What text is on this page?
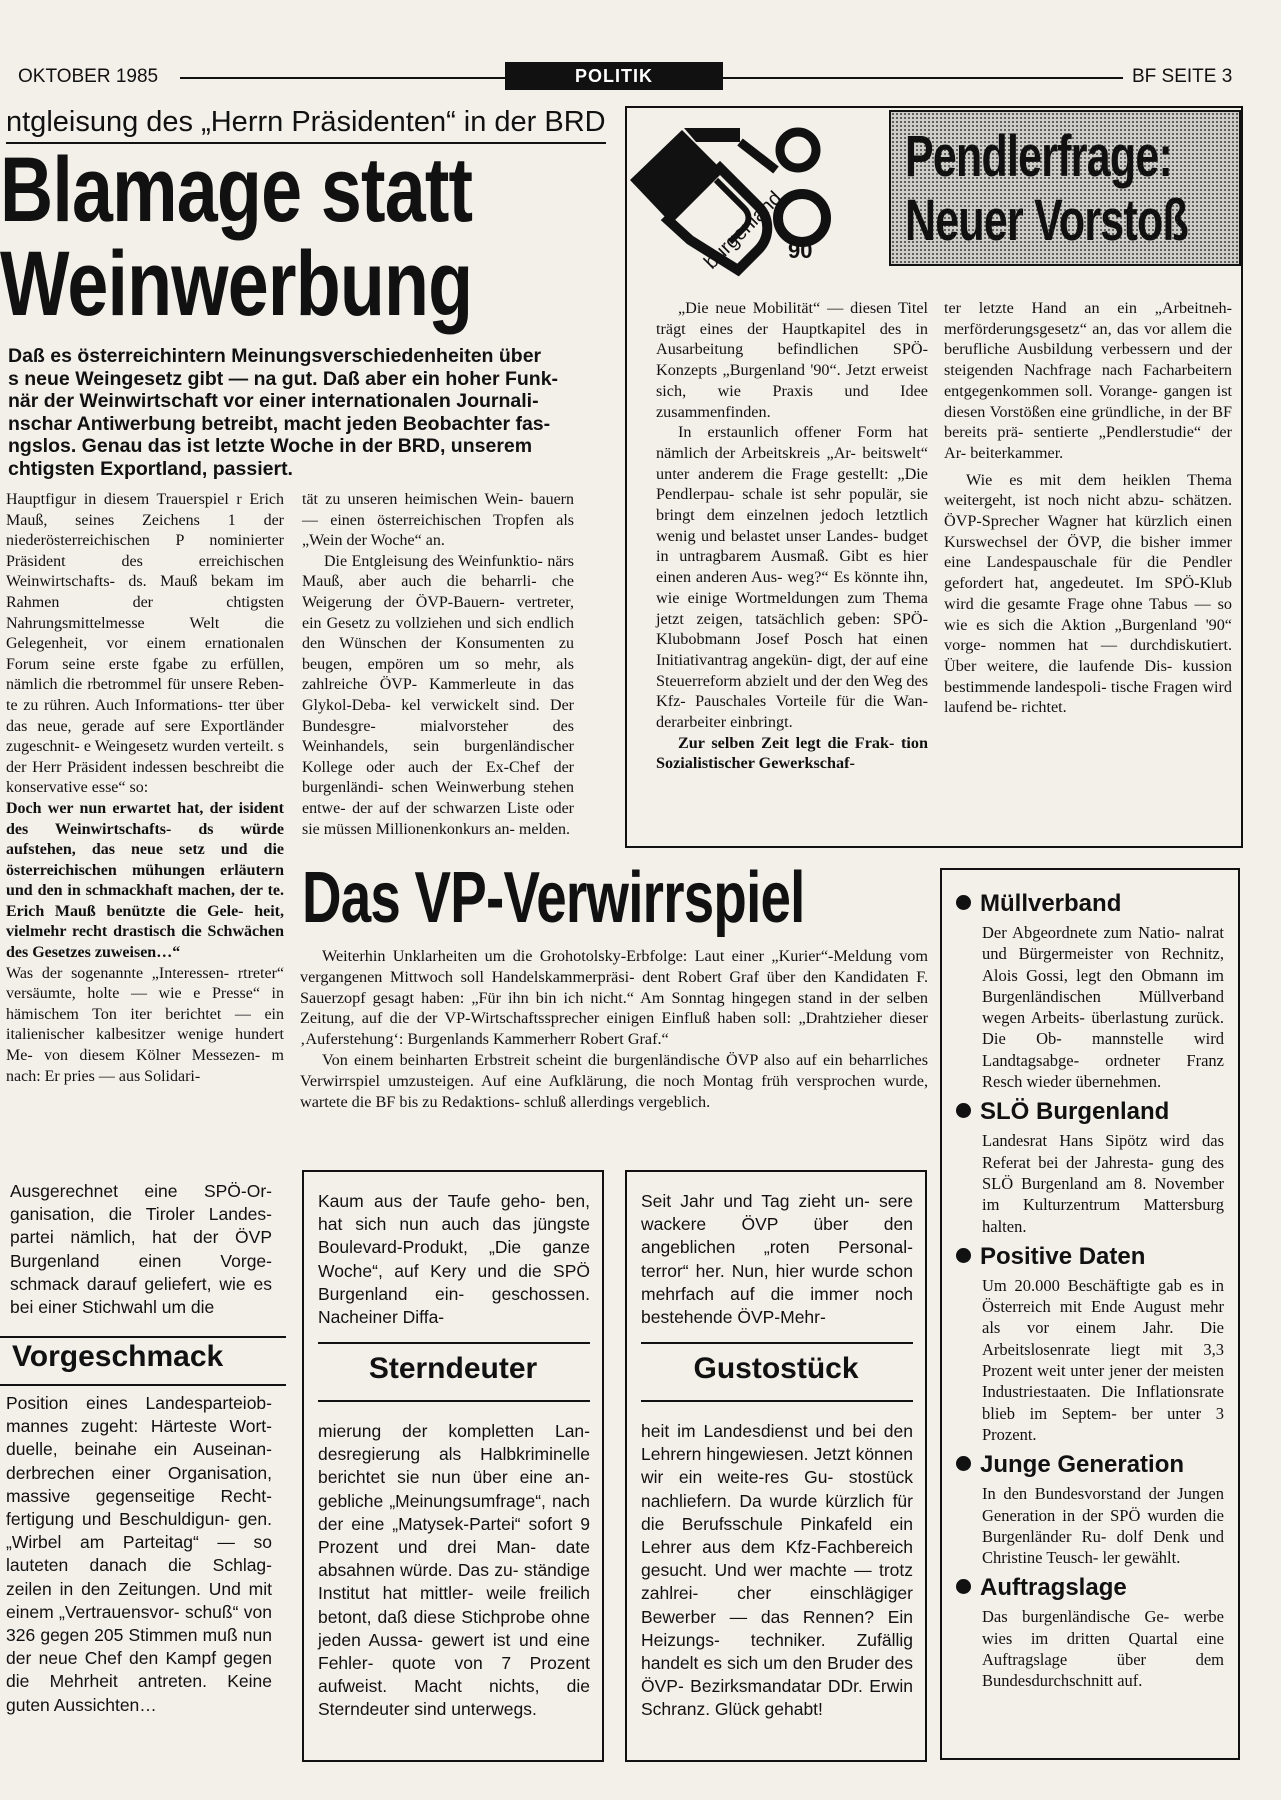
OKTOBER 1985	POLITIK	BF SEITE 3
ntgleisung des „Herrn Präsidenten“ in der BRD
Blamage statt
Weinwerbung
Daß es österreichintern Meinungsverschiedenheiten über
s neue Weingesetz gibt — na gut. Daß aber ein hoher Funk-
när der Weinwirtschaft vor einer internationalen Journali-
nschar Antiwerbung betreibt, macht jeden Beobachter fas-
ngslos. Genau das ist letzte Woche in der BRD, unserem
chtigsten Exportland, passiert.

Hauptfigur in diesem Trauerspiel r Erich Mauß, seines Zeichens 1 der niederösterreichischen P nominierter Präsident des erreichischen Weinwirtschafts- ds. Mauß bekam im Rahmen der chtigsten Nahrungsmittelmesse Welt die Gelegenheit, vor einem ernationalen Forum seine erste fgabe zu erfüllen, nämlich die rbetrommel für unsere Reben- te zu rühren. Auch Informations- tter über das neue, gerade auf sere Exportländer zugeschnit- e Weingesetz wurden verteilt. s der Herr Präsident indessen beschreibt die konservative esse“ so:

Doch wer nun erwartet hat, der isident des Weinwirtschafts- ds würde aufstehen, das neue setz und die österreichischen mühungen erläutern und den in schmackhaft machen, der te. Erich Mauß benützte die Gele- heit, vielmehr recht drastisch die Schwächen des Gesetzes zuweisen…“

Was der sogenannte „Interessen- rtreter“ versäumte, holte — wie e Presse“ in hämischem Ton iter berichtet — ein italienischer kalbesitzer wenige hundert Me- von diesem Kölner Messezen- m nach: Er pries — aus Solidari-

tät zu unseren heimischen Wein- bauern — einen österreichischen Tropfen als „Wein der Woche“ an.

Die Entgleisung des Weinfunktio- närs Mauß, aber auch die beharrli- che Weigerung der ÖVP-Bauern- vertreter, ein Gesetz zu vollziehen und sich endlich den Wünschen der Konsumenten zu beugen, empören um so mehr, als zahlreiche ÖVP- Kammerleute in das Glykol-Deba- kel verwickelt sind. Der Bundesgre- mialvorsteher des Weinhandels, sein burgenländischer Kollege oder auch der Ex-Chef der burgenländi- schen Weinwerbung stehen entwe- der auf der schwarzen Liste oder sie müssen Millionenkonkurs an- melden.

burgenland 90
Pendlerfrage:
Neuer Vorstoß

„Die neue Mobilität“ — diesen Titel trägt eines der Hauptkapitel des in Ausarbeitung befindlichen SPÖ-Konzepts „Burgenland '90“. Jetzt erweist sich, wie Praxis und Idee zusammenfinden.

In erstaunlich offener Form hat nämlich der Arbeitskreis „Ar- beitswelt“ unter anderem die Frage gestellt: „Die Pendlerpau- schale ist sehr populär, sie bringt dem einzelnen jedoch letztlich wenig und belastet unser Landes- budget in untragbarem Ausmaß. Gibt es hier einen anderen Aus- weg?“ Es könnte ihn, wie einige Wortmeldungen zum Thema jetzt zeigen, tatsächlich geben: SPÖ- Klubobmann Josef Posch hat einen Initiativantrag angekün- digt, der auf eine Steuerreform abzielt und der den Weg des Kfz- Pauschales Vorteile für die Wan- derarbeiter einbringt.

Zur selben Zeit legt die Frak- tion Sozialistischer Gewerkschaf-

ter letzte Hand an ein „Arbeitneh- merförderungsgesetz“ an, das vor allem die berufliche Ausbildung verbessern und der steigenden Nachfrage nach Facharbeitern entgegenkommen soll. Vorange- gangen ist diesen Vorstößen eine gründliche, in der BF bereits prä- sentierte „Pendlerstudie“ der Ar- beiterkammer.

Wie es mit dem heiklen Thema weitergeht, ist noch nicht abzu- schätzen. ÖVP-Sprecher Wagner hat kürzlich einen Kurswechsel der ÖVP, die bisher immer eine Landespauschale für die Pendler gefordert hat, angedeutet. Im SPÖ-Klub wird die gesamte Frage ohne Tabus — so wie es sich die Aktion „Burgenland '90“ vorge- nommen hat — durchdiskutiert. Über weitere, die laufende Dis- kussion bestimmende landespoli- tische Fragen wird laufend be- richtet.

Das VP-Verwirrspiel

Weiterhin Unklarheiten um die Grohotolsky-Erbfolge: Laut einer „Kurier“-Meldung vom vergangenen Mittwoch soll Handelskammerpräsi- dent Robert Graf über den Kandidaten F. Sauerzopf gesagt haben: „Für ihn bin ich nicht.“ Am Sonntag hingegen stand in der selben Zeitung, auf die der VP-Wirtschaftssprecher einigen Einfluß haben soll: „Drahtzieher dieser ‚Auferstehung‘: Burgenlands Kammerherr Robert Graf.“

Von einem beinharten Erbstreit scheint die burgenländische ÖVP also auf ein beharrliches Verwirrspiel umzusteigen. Auf eine Aufklärung, die noch Montag früh versprochen wurde, wartete die BF bis zu Redaktions- schluß allerdings vergeblich.

Müllverband
Der Abgeordnete zum Natio- nalrat und Bürgermeister von Rechnitz, Alois Gossi, legt den Obmann im Burgenländischen Müllverband wegen Arbeits- überlastung zurück. Die Ob- mannstelle wird Landtagsabge- ordneter Franz Resch wieder übernehmen.
SLÖ Burgenland
Landesrat Hans Sipötz wird das Referat bei der Jahresta- gung des SLÖ Burgenland am 8. November im Kulturzentrum Mattersburg halten.
Positive Daten
Um 20.000 Beschäftigte gab es in Österreich mit Ende August mehr als vor einem Jahr. Die Arbeitslosenrate liegt mit 3,3 Prozent weit unter jener der meisten Industriestaaten. Die Inflationsrate blieb im Septem- ber unter 3 Prozent.
Junge Generation
In den Bundesvorstand der Jungen Generation in der SPÖ wurden die Burgenländer Ru- dolf Denk und Christine Teusch- ler gewählt.
Auftragslage
Das burgenländische Ge- werbe wies im dritten Quartal eine Auftragslage über dem Bundesdurchschnitt auf.
Ausgerechnet eine SPÖ-Or- ganisation, die Tiroler Landes- partei nämlich, hat der ÖVP Burgenland einen Vorge- schmack darauf geliefert, wie es bei einer Stichwahl um die
Vorgeschmack
Position eines Landesparteiob- mannes zugeht: Härteste Wort- duelle, beinahe ein Auseinan- derbrechen einer Organisation, massive gegenseitige Recht- fertigung und Beschuldigun- gen. „Wirbel am Parteitag“ — so lauteten danach die Schlag- zeilen in den Zeitungen. Und mit einem „Vertrauensvor- schuß“ von 326 gegen 205 Stimmen muß nun der neue Chef den Kampf gegen die Mehrheit antreten. Keine guten Aussichten…
Kaum aus der Taufe geho- ben, hat sich nun auch das jüngste Boulevard-Produkt, „Die ganze Woche“, auf Kery und die SPÖ Burgenland ein- geschossen. Nacheiner Diffa-
Sterndeuter
mierung der kompletten Lan- desregierung als Halbkriminelle berichtet sie nun über eine an- gebliche „Meinungsumfrage“, nach der eine „Matysek-Partei“ sofort 9 Prozent und drei Man- date absahnen würde. Das zu- ständige Institut hat mittler- weile freilich betont, daß diese Stichprobe ohne jeden Aussa- gewert ist und eine Fehler- quote von 7 Prozent aufweist. Macht nichts, die Sterndeuter sind unterwegs.
Seit Jahr und Tag zieht un- sere wackere ÖVP über den angeblichen „roten Personal- terror“ her. Nun, hier wurde schon mehrfach auf die immer noch bestehende ÖVP-Mehr-
Gustostück
heit im Landesdienst und bei den Lehrern hingewiesen. Jetzt können wir ein weite-res Gu- stostück nachliefern. Da wurde kürzlich für die Berufsschule Pinkafeld ein Lehrer aus dem Kfz-Fachbereich gesucht. Und wer machte — trotz zahlrei- cher einschlägiger Bewerber — das Rennen? Ein Heizungs- techniker. Zufällig handelt es sich um den Bruder des ÖVP- Bezirksmandatar DDr. Erwin Schranz. Glück gehabt!
